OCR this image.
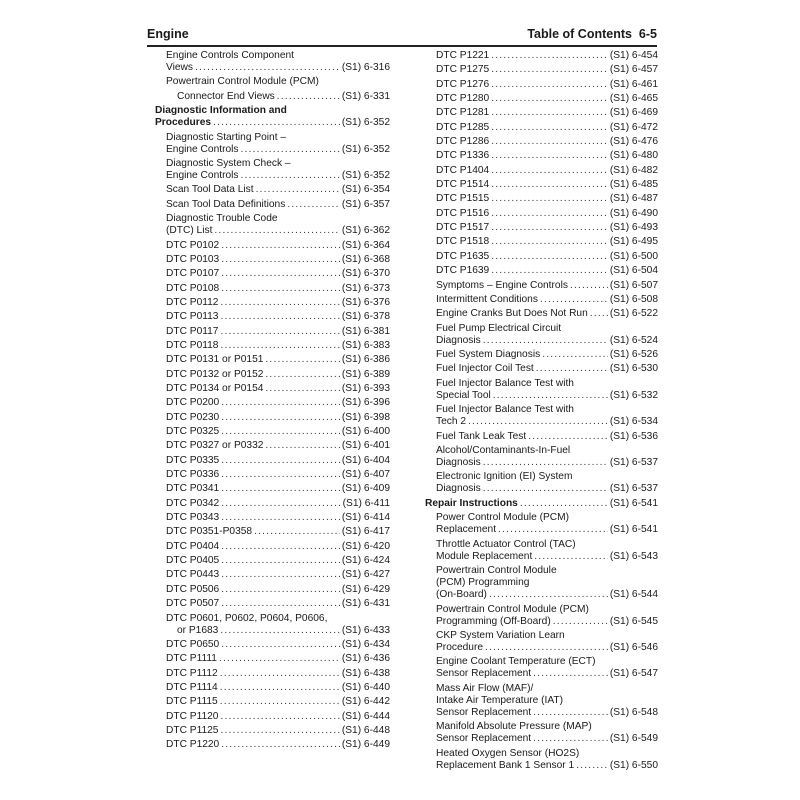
Engine	Table of Contents 6-5
Engine Controls Component
Views .....	(S1) 6-316
Powertrain Control Module (PCM)
Connector End Views .....	(S1) 6-331
Diagnostic Information and
Procedures .....	(S1) 6-352
Diagnostic Starting Point –
Engine Controls .....	(S1) 6-352
Diagnostic System Check –
Engine Controls .....	(S1) 6-352
Scan Tool Data List .....	(S1) 6-354
Scan Tool Data Definitions .....	(S1) 6-357
Diagnostic Trouble Code
(DTC) List .....	(S1) 6-362
DTC P0102 .....	(S1) 6-364
DTC P0103 .....	(S1) 6-368
DTC P0107 .....	(S1) 6-370
DTC P0108 .....	(S1) 6-373
DTC P0112 .....	(S1) 6-376
DTC P0113 .....	(S1) 6-378
DTC P0117 .....	(S1) 6-381
DTC P0118 .....	(S1) 6-383
DTC P0131 or P0151 .....	(S1) 6-386
DTC P0132 or P0152 .....	(S1) 6-389
DTC P0134 or P0154 .....	(S1) 6-393
DTC P0200 .....	(S1) 6-396
DTC P0230 .....	(S1) 6-398
DTC P0325 .....	(S1) 6-400
DTC P0327 or P0332 .....	(S1) 6-401
DTC P0335 .....	(S1) 6-404
DTC P0336 .....	(S1) 6-407
DTC P0341 .....	(S1) 6-409
DTC P0342 .....	(S1) 6-411
DTC P0343 .....	(S1) 6-414
DTC P0351-P0358 .....	(S1) 6-417
DTC P0404 .....	(S1) 6-420
DTC P0405 .....	(S1) 6-424
DTC P0443 .....	(S1) 6-427
DTC P0506 .....	(S1) 6-429
DTC P0507 .....	(S1) 6-431
DTC P0601, P0602, P0604, P0606,
or P1683 .....	(S1) 6-433
DTC P0650 .....	(S1) 6-434
DTC P1111 .....	(S1) 6-436
DTC P1112 .....	(S1) 6-438
DTC P1114 .....	(S1) 6-440
DTC P1115 .....	(S1) 6-442
DTC P1120 .....	(S1) 6-444
DTC P1125 .....	(S1) 6-448
DTC P1220 .....	(S1) 6-449
DTC P1221 .....	(S1) 6-454
DTC P1275 .....	(S1) 6-457
DTC P1276 .....	(S1) 6-461
DTC P1280 .....	(S1) 6-465
DTC P1281 .....	(S1) 6-469
DTC P1285 .....	(S1) 6-472
DTC P1286 .....	(S1) 6-476
DTC P1336 .....	(S1) 6-480
DTC P1404 .....	(S1) 6-482
DTC P1514 .....	(S1) 6-485
DTC P1515 .....	(S1) 6-487
DTC P1516 .....	(S1) 6-490
DTC P1517 .....	(S1) 6-493
DTC P1518 .....	(S1) 6-495
DTC P1635 .....	(S1) 6-500
DTC P1639 .....	(S1) 6-504
Symptoms – Engine Controls .....	(S1) 6-507
Intermittent Conditions .....	(S1) 6-508
Engine Cranks But Does Not Run ..... (S1) 6-522
Fuel Pump Electrical Circuit
Diagnosis .....	(S1) 6-524
Fuel System Diagnosis .....	(S1) 6-526
Fuel Injector Coil Test .....	(S1) 6-530
Fuel Injector Balance Test with
Special Tool .....	(S1) 6-532
Fuel Injector Balance Test with
Tech 2 .....	(S1) 6-534
Fuel Tank Leak Test .....	(S1) 6-536
Alcohol/Contaminants-In-Fuel
Diagnosis .....	(S1) 6-537
Electronic Ignition (EI) System
Diagnosis .....	(S1) 6-537
Repair Instructions .....	(S1) 6-541
Power Control Module (PCM)
Replacement .....	(S1) 6-541
Throttle Actuator Control (TAC)
Module Replacement .....	(S1) 6-543
Powertrain Control Module
(PCM) Programming
(On-Board) .....	(S1) 6-544
Powertrain Control Module (PCM)
Programming (Off-Board) .....	(S1) 6-545
CKP System Variation Learn
Procedure .....	(S1) 6-546
Engine Coolant Temperature (ECT)
Sensor Replacement .....	(S1) 6-547
Mass Air Flow (MAF)/
Intake Air Temperature (IAT)
Sensor Replacement .....	(S1) 6-548
Manifold Absolute Pressure (MAP)
Sensor Replacement .....	(S1) 6-549
Heated Oxygen Sensor (HO2S)
Replacement Bank 1 Sensor 1 .....	(S1) 6-550
